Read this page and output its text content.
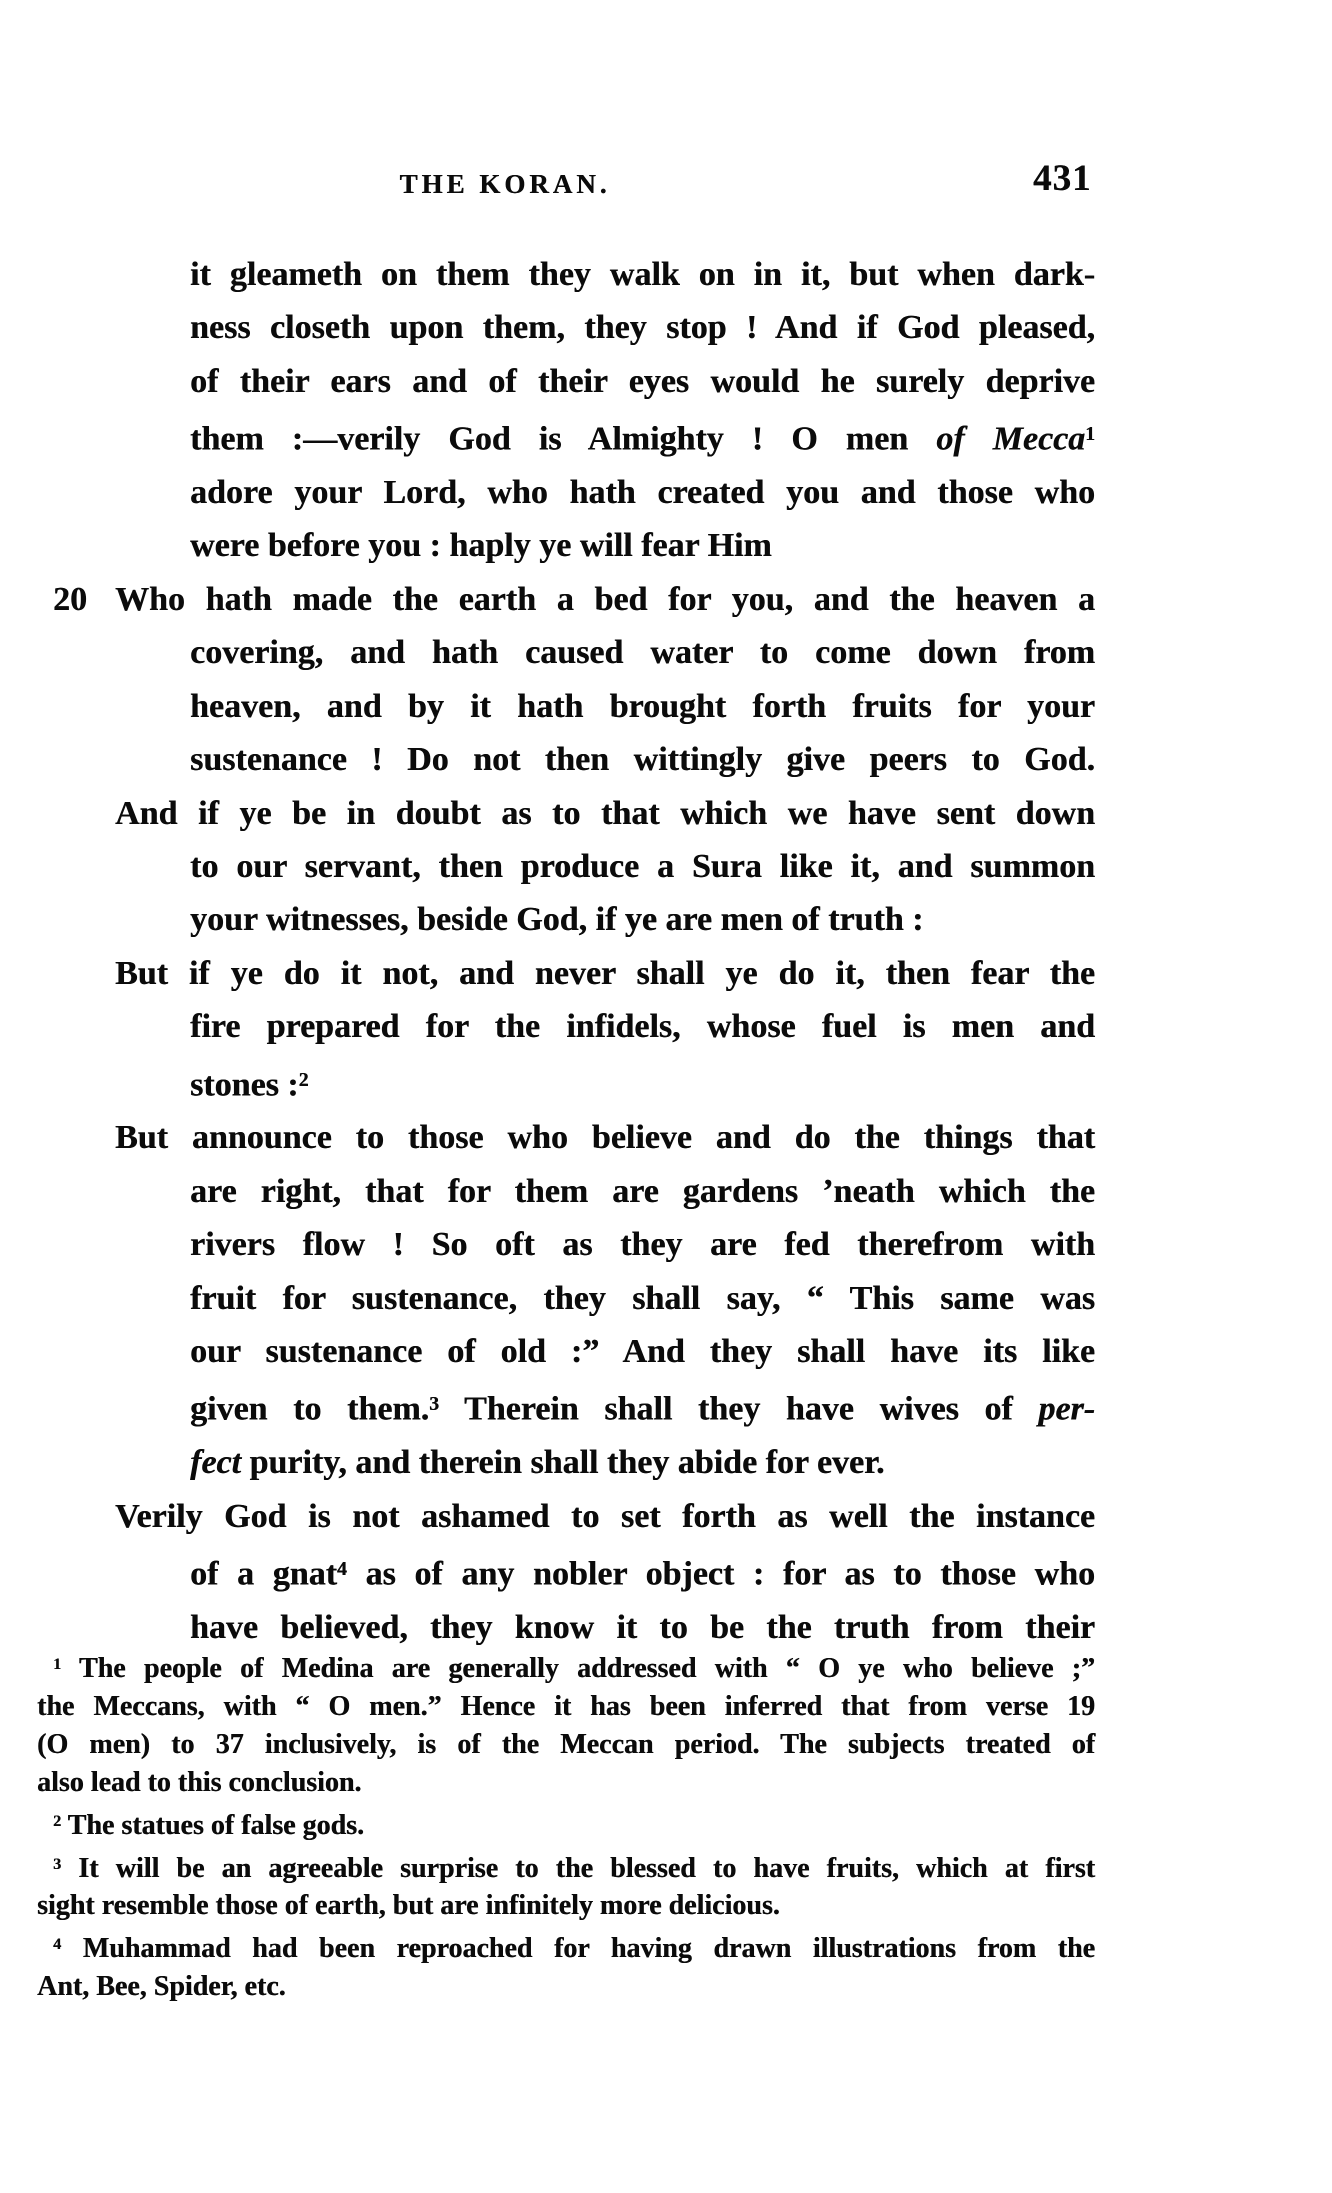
THE KORAN.	431
it gleameth on them they walk on in it, but when dark-
ness closeth upon them, they stop ! And if God pleased,
of their ears and of their eyes would he surely deprive
them :—verily God is Almighty ! O men of Mecca$^1$
adore your Lord, who hath created you and those who
were before you : haply ye will fear Him
20 Who hath made the earth a bed for you, and the heaven a
covering, and hath caused water to come down from
heaven, and by it hath brought forth fruits for your
sustenance ! Do not then wittingly give peers to God.
And if ye be in doubt as to that which we have sent down
to our servant, then produce a Sura like it, and summon
your witnesses, beside God, if ye are men of truth :
But if ye do it not, and never shall ye do it, then fear the
fire prepared for the infidels, whose fuel is men and
stones :$^2$
But announce to those who believe and do the things that
are right, that for them are gardens ’neath which the
rivers flow ! So oft as they are fed therefrom with
fruit for sustenance, they shall say, “ This same was
our sustenance of old :” And they shall have its like
given to them.$^3$ Therein shall they have wives of per-
fect purity, and therein shall they abide for ever.
Verily God is not ashamed to set forth as well the instance
of a gnat$^4$ as of any nobler object : for as to those who
have believed, they know it to be the truth from their
$^1$ The people of Medina are generally addressed with “ O ye who believe ;”
the Meccans, with “ O men.” Hence it has been inferred that from verse 19
(O men) to 37 inclusively, is of the Meccan period. The subjects treated of
also lead to this conclusion.
$^2$ The statues of false gods.
$^3$ It will be an agreeable surprise to the blessed to have fruits, which at first
sight resemble those of earth, but are infinitely more delicious.
$^4$ Muhammad had been reproached for having drawn illustrations from the
Ant, Bee, Spider, etc.
